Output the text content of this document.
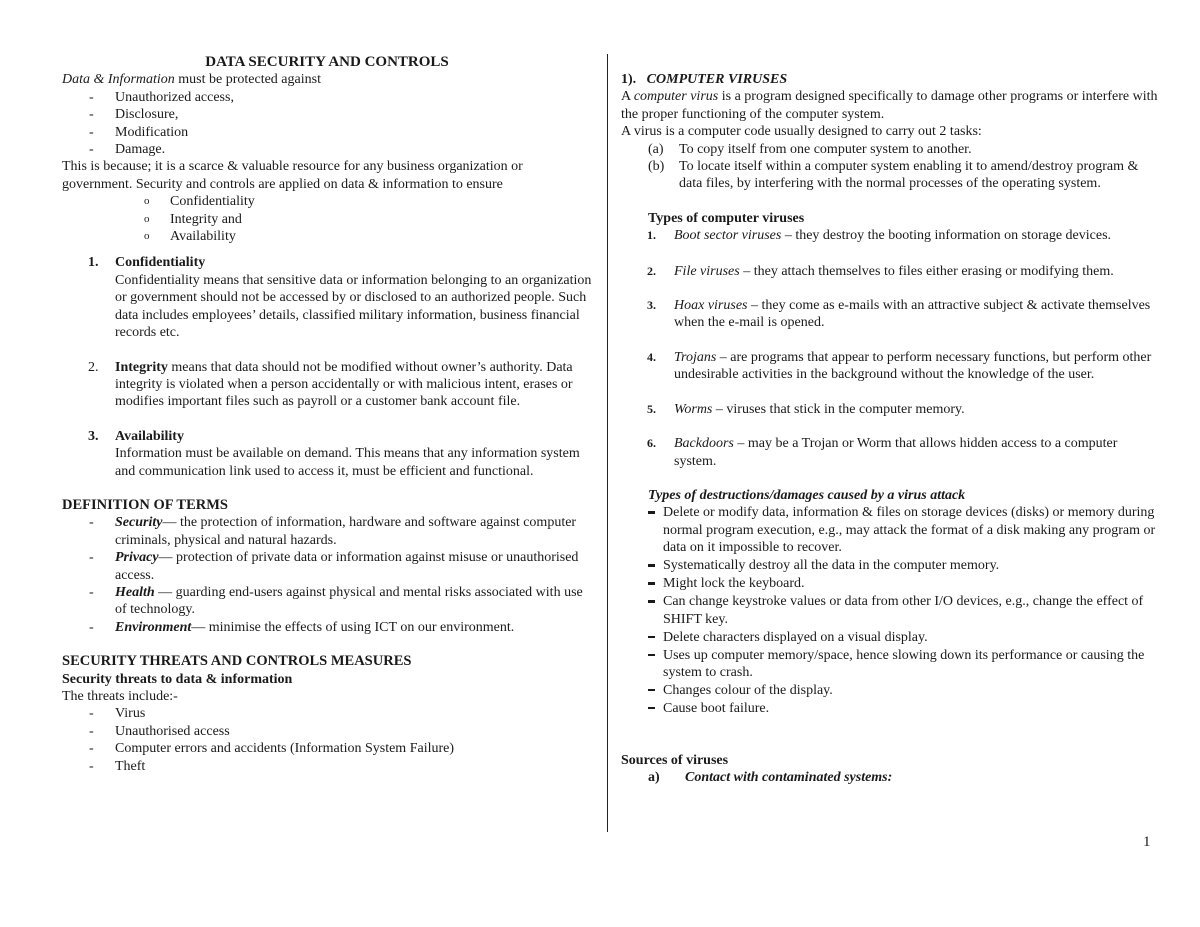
DATA SECURITY AND CONTROLS

Data & Information must be protected against

- Unauthorized access,
- Disclosure,
- Modification
- Damage.

This is because; it is a scarce & valuable resource for any business organization or government. Security and controls are applied on data & information to ensure

o Confidentiality
o Integrity and
o Availability
1. Confidentiality
Confidentiality means that sensitive data or information belonging to an organization or government should not be accessed by or disclosed to an authorized people. Such data includes employees’ details, classified military information, business financial records etc.
2. Integrity means that data should not be modified without owner’s authority. Data integrity is violated when a person accidentally or with malicious intent, erases or modifies important files such as payroll or a customer bank account file.
3. Availability
Information must be available on demand. This means that any information system and communication link used to access it, must be efficient and functional.
DEFINITION OF TERMS
- Security— the protection of information, hardware and software against computer criminals, physical and natural hazards.
- Privacy— protection of private data or information against misuse or unauthorised access.
- Health — guarding end-users against physical and mental risks associated with use of technology.
- Environment— minimise the effects of using ICT on our environment.
SECURITY THREATS AND CONTROLS MEASURES
Security threats to data & information

The threats include:-

- Virus
- Unauthorised access
- Computer errors and accidents (Information System Failure)
- Theft
1). COMPUTER VIRUSES

A computer virus is a program designed specifically to damage other programs or interfere with the proper functioning of the computer system.

A virus is a computer code usually designed to carry out 2 tasks:

(a) To copy itself from one computer system to another.
(b) To locate itself within a computer system enabling it to amend/destroy program & data files, by interfering with the normal processes of the operating system.
Types of computer viruses
1. Boot sector viruses – they destroy the booting information on storage devices.
2. File viruses – they attach themselves to files either erasing or modifying them.
3. Hoax viruses – they come as e-mails with an attractive subject & activate themselves when the e-mail is opened.
4. Trojans – are programs that appear to perform necessary functions, but perform other undesirable activities in the background without the knowledge of the user.
5. Worms – viruses that stick in the computer memory.
6. Backdoors – may be a Trojan or Worm that allows hidden access to a computer system.
Types of destructions/damages caused by a virus attack
Delete or modify data, information & files on storage devices (disks) or memory during normal program execution, e.g., may attack the format of a disk making any program or data on it impossible to recover.
Systematically destroy all the data in the computer memory.
Might lock the keyboard.
Can change keystroke values or data from other I/O devices, e.g., change the effect of SHIFT key.
Delete characters displayed on a visual display.
Uses up computer memory/space, hence slowing down its performance or causing the system to crash.
Changes colour of the display.
Cause boot failure.
Sources of viruses
a) Contact with contaminated systems:
1
